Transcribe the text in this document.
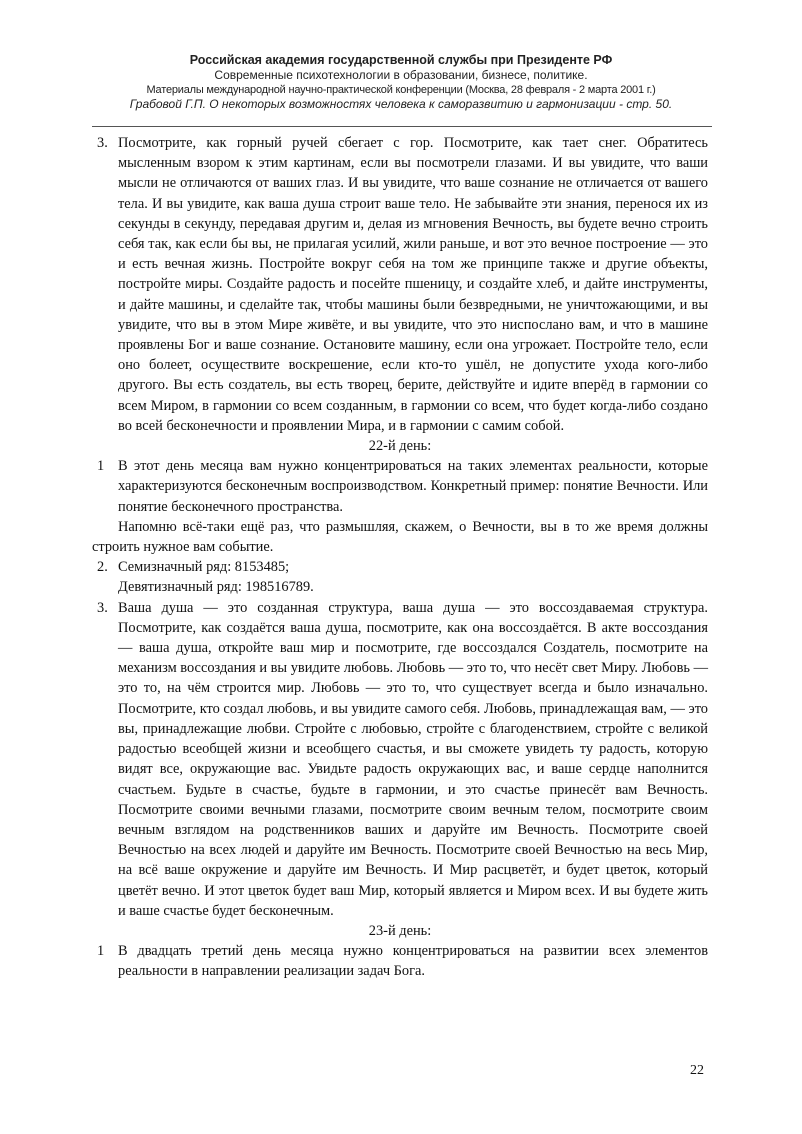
Российская академия государственной службы при Президенте РФ
Современные психотехнологии в образовании, бизнесе, политике.
Материалы международной научно-практической конференции (Москва, 28 февраля - 2 марта 2001 г.)
Грабовой Г.П. О некоторых возможностях человека к саморазвитию и гармонизации - стр. 50.
3. Посмотрите, как горный ручей сбегает с гор. Посмотрите, как тает снег. Обратитесь мысленным взором к этим картинам, если вы посмотрели глазами. И вы увидите, что ваши мысли не отличаются от ваших глаз. И вы увидите, что ваше сознание не отличается от вашего тела. И вы увидите, как ваша душа строит ваше тело. Не забывайте эти знания, перенося их из секунды в секунду, передавая другим и, делая из мгновения Вечность, вы будете вечно строить себя так, как если бы вы, не прилагая усилий, жили раньше, и вот это вечное построение — это и есть вечная жизнь. Постройте вокруг себя на том же принципе также и другие объекты, постройте миры. Создайте радость и посейте пшеницу, и создайте хлеб, и дайте инструменты, и дайте машины, и сделайте так, чтобы машины были безвредными, не уничтожающими, и вы увидите, что вы в этом Мире живёте, и вы увидите, что это ниспослано вам, и что в машине проявлены Бог и ваше сознание. Остановите машину, если она угрожает. Постройте тело, если оно болеет, осуществите воскрешение, если кто-то ушёл, не допустите ухода кого-либо другого. Вы есть создатель, вы есть творец, берите, действуйте и идите вперёд в гармонии со всем Миром, в гармонии со всем созданным, в гармонии со всем, что будет когда-либо создано во всей бесконечности и проявлении Мира, и в гармонии с самим собой.

22-й день:

1 В этот день месяца вам нужно концентрироваться на таких элементах реальности, которые характеризуются бесконечным воспроизводством. Конкретный пример: понятие Вечности. Или понятие бесконечного пространства.

Напомню всё-таки ещё раз, что размышляя, скажем, о Вечности, вы в то же время должны строить нужное вам событие.

2. Семизначный ряд: 8153485;

Девятизначный ряд: 198516789.

3. Ваша душа — это созданная структура, ваша душа — это воссоздаваемая структура. Посмотрите, как создаётся ваша душа, посмотрите, как она воссоздаётся. В акте воссоздания — ваша душа, откройте ваш мир и посмотрите, где воссоздался Создатель, посмотрите на механизм воссоздания и вы увидите любовь. Любовь — это то, что несёт свет Миру. Любовь — это то, на чём строится мир. Любовь — это то, что существует всегда и было изначально. Посмотрите, кто создал любовь, и вы увидите самого себя. Любовь, принадлежащая вам, — это вы, принадлежащие любви. Стройте с любовью, стройте с благоденствием, стройте с великой радостью всеобщей жизни и всеобщего счастья, и вы сможете увидеть ту радость, которую видят все, окружающие вас. Увидьте радость окружающих вас, и ваше сердце наполнится счастьем. Будьте в счастье, будьте в гармонии, и это счастье принесёт вам Вечность. Посмотрите своими вечными глазами, посмотрите своим вечным телом, посмотрите своим вечным взглядом на родственников ваших и даруйте им Вечность. Посмотрите своей Вечностью на всех людей и даруйте им Вечность. Посмотрите своей Вечностью на весь Мир, на всё ваше окружение и даруйте им Вечность. И Мир расцветёт, и будет цветок, который цветёт вечно. И этот цветок будет ваш Мир, который является и Миром всех. И вы будете жить и ваше счастье будет бесконечным.

23-й день:

1 В двадцать третий день месяца нужно концентрироваться на развитии всех элементов реальности в направлении реализации задач Бога.
22
